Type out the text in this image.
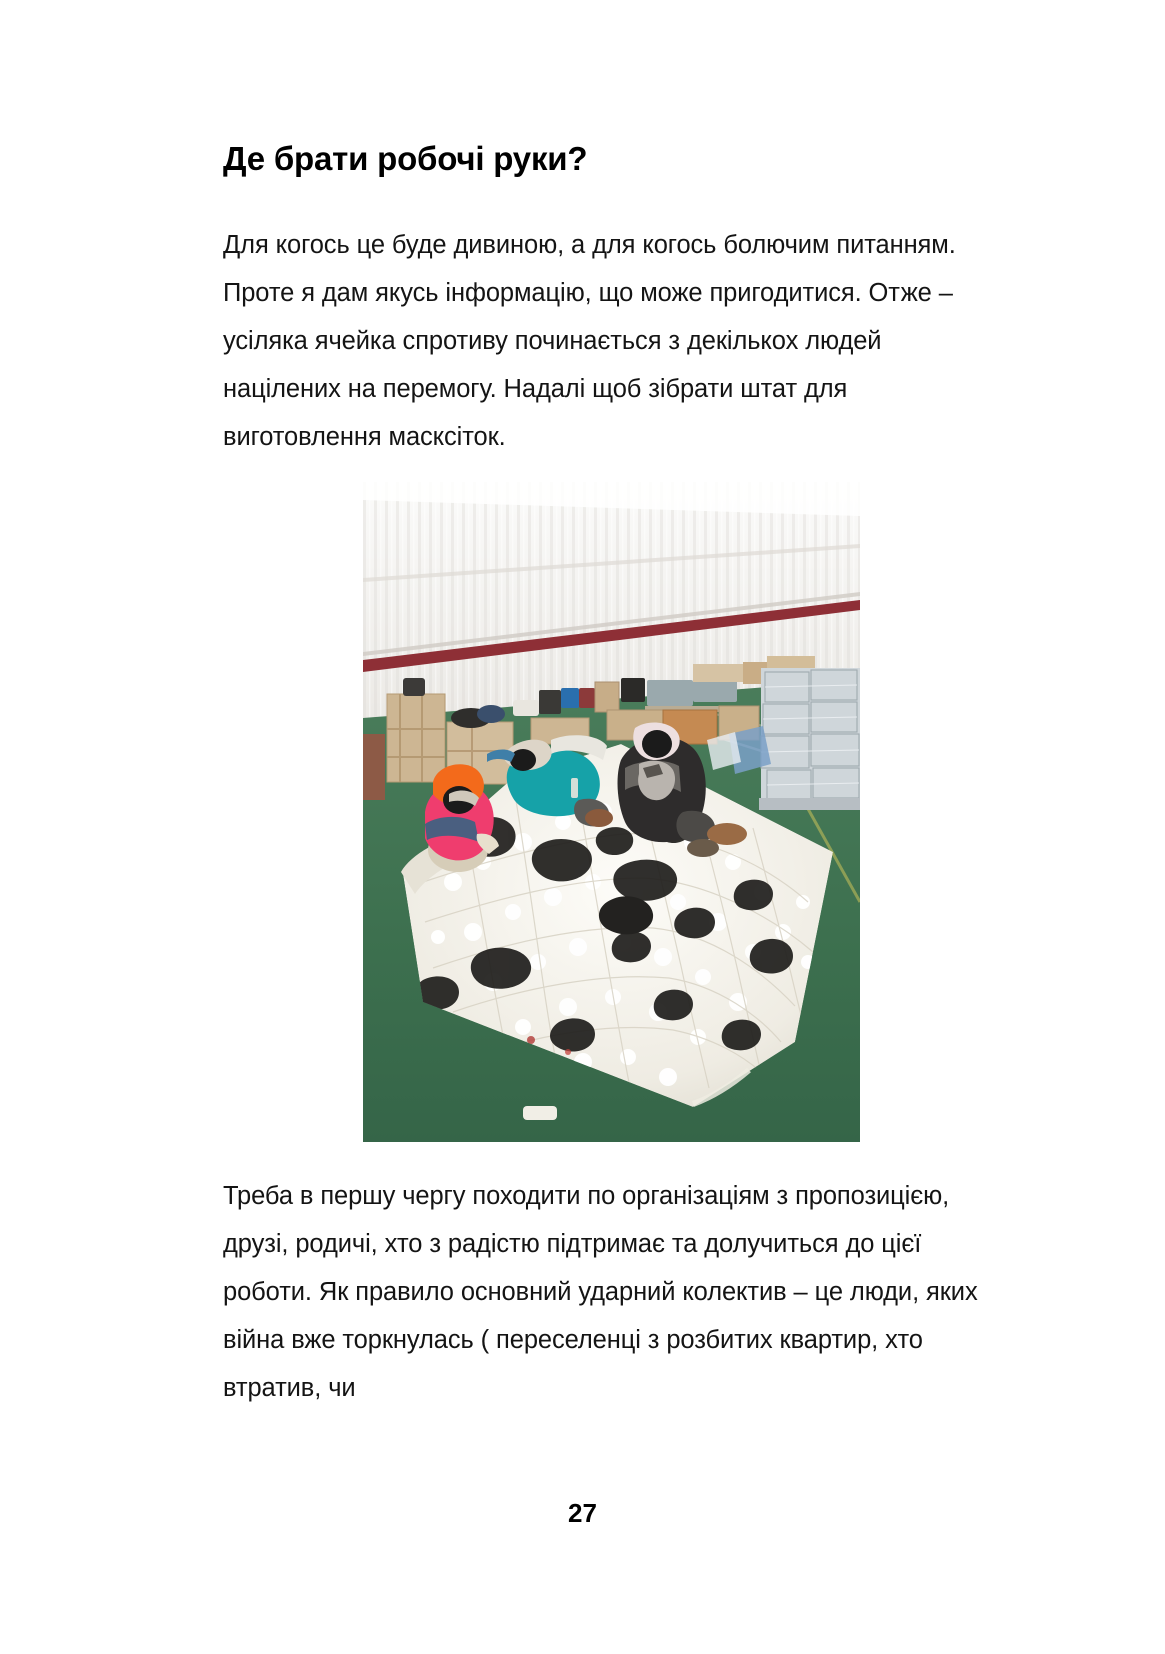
Де брати робочі руки?

Для когось це буде дивиною, а для когось болючим питанням. Проте я дам якусь інформацію, що може пригодитися. Отже – усіляка ячейка спротиву починається з декількох людей націлених на перемогу. Надалі щоб зібрати штат для виготовлення масксіток.

Треба в першу чергу походити по організаціям з пропозицією, друзі, родичі, хто з радістю підтримає та долучиться до цієї роботи. Як правило основний ударний колектив – це люди, яких війна вже торкнулась ( переселенці з розбитих квартир, хто втратив, чи

27
